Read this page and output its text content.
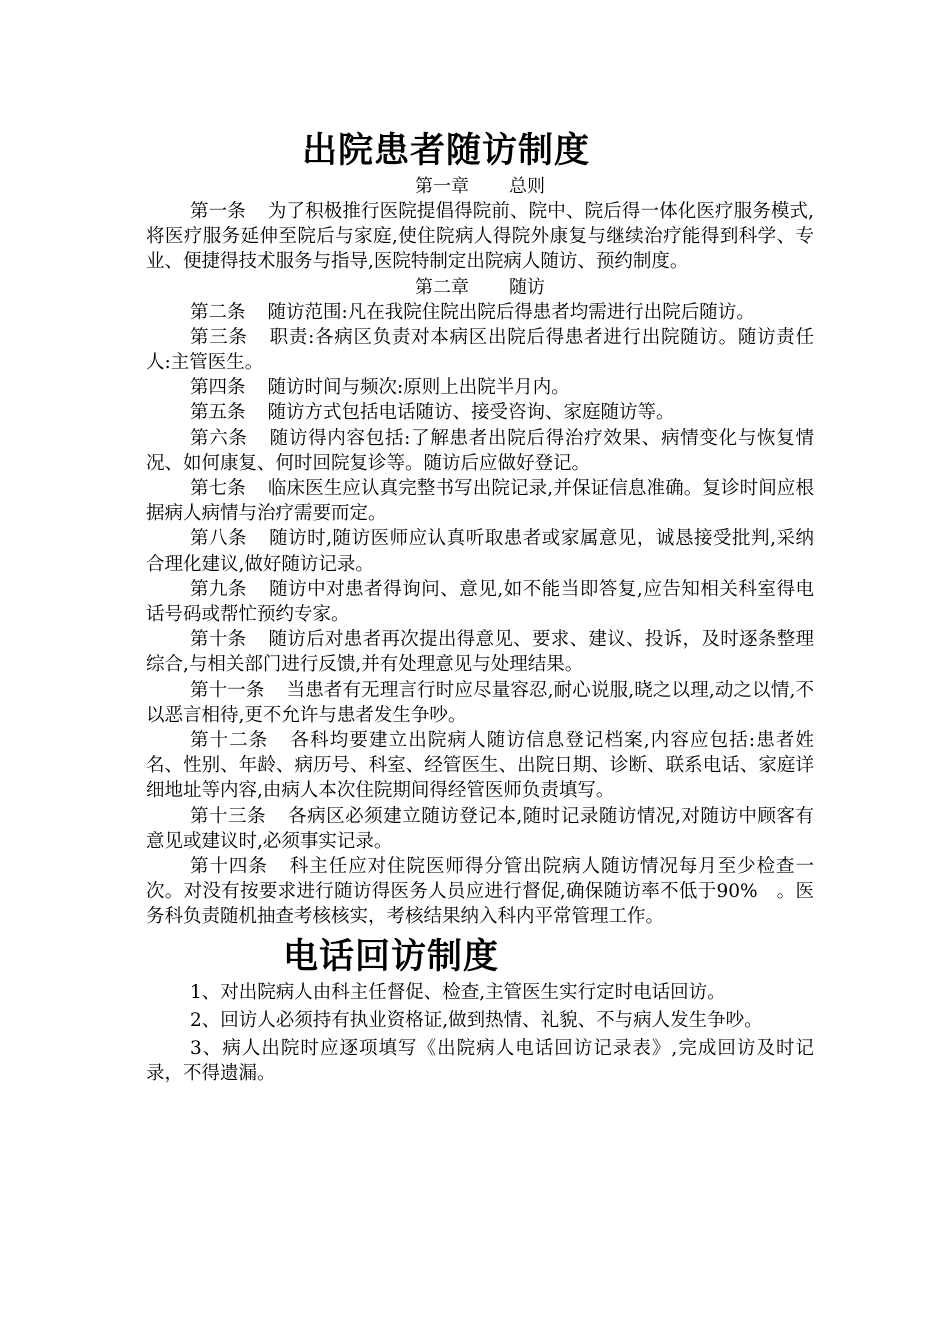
出院患者随访制度

第一章 总则

第一条 为了积极推行医院提倡得院前、院中、院后得一体化医疗服务模式,将医疗服务延伸至院后与家庭,使住院病人得院外康复与继续治疗能得到科学、专业、便捷得技术服务与指导,医院特制定出院病人随访、预约制度。

第二章 随访

第二条 随访范围:凡在我院住院出院后得患者均需进行出院后随访。

第三条 职责:各病区负责对本病区出院后得患者进行出院随访。随访责任人:主管医生。

第四条 随访时间与频次:原则上出院半月内。

第五条 随访方式包括电话随访、接受咨询、家庭随访等。

第六条 随访得内容包括:了解患者出院后得治疗效果、病情变化与恢复情况、如何康复、何时回院复诊等。随访后应做好登记。

第七条 临床医生应认真完整书写出院记录,并保证信息准确。复诊时间应根据病人病情与治疗需要而定。

第八条 随访时,随访医师应认真听取患者或家属意见，诚恳接受批判,采纳合理化建议,做好随访记录。

第九条 随访中对患者得询问、意见,如不能当即答复,应告知相关科室得电话号码或帮忙预约专家。

第十条 随访后对患者再次提出得意见、要求、建议、投诉，及时逐条整理综合,与相关部门进行反馈,并有处理意见与处理结果。

第十一条 当患者有无理言行时应尽量容忍,耐心说服,晓之以理,动之以情,不以恶言相待,更不允许与患者发生争吵。

第十二条 各科均要建立出院病人随访信息登记档案,内容应包括:患者姓名、性别、年龄、病历号、科室、经管医生、出院日期、诊断、联系电话、家庭详细地址等内容,由病人本次住院期间得经管医师负责填写。

第十三条 各病区必须建立随访登记本,随时记录随访情况,对随访中顾客有意见或建议时,必须事实记录。

第十四条 科主任应对住院医师得分管出院病人随访情况每月至少检查一次。对没有按要求进行随访得医务人员应进行督促,确保随访率不低于90%　。医务科负责随机抽查考核核实，考核结果纳入科内平常管理工作。

电话回访制度

1、对出院病人由科主任督促、检查,主管医生实行定时电话回访。

2、回访人必须持有执业资格证,做到热情、礼貌、不与病人发生争吵。

3、病人出院时应逐项填写《出院病人电话回访记录表》,完成回访及时记录，不得遗漏。
